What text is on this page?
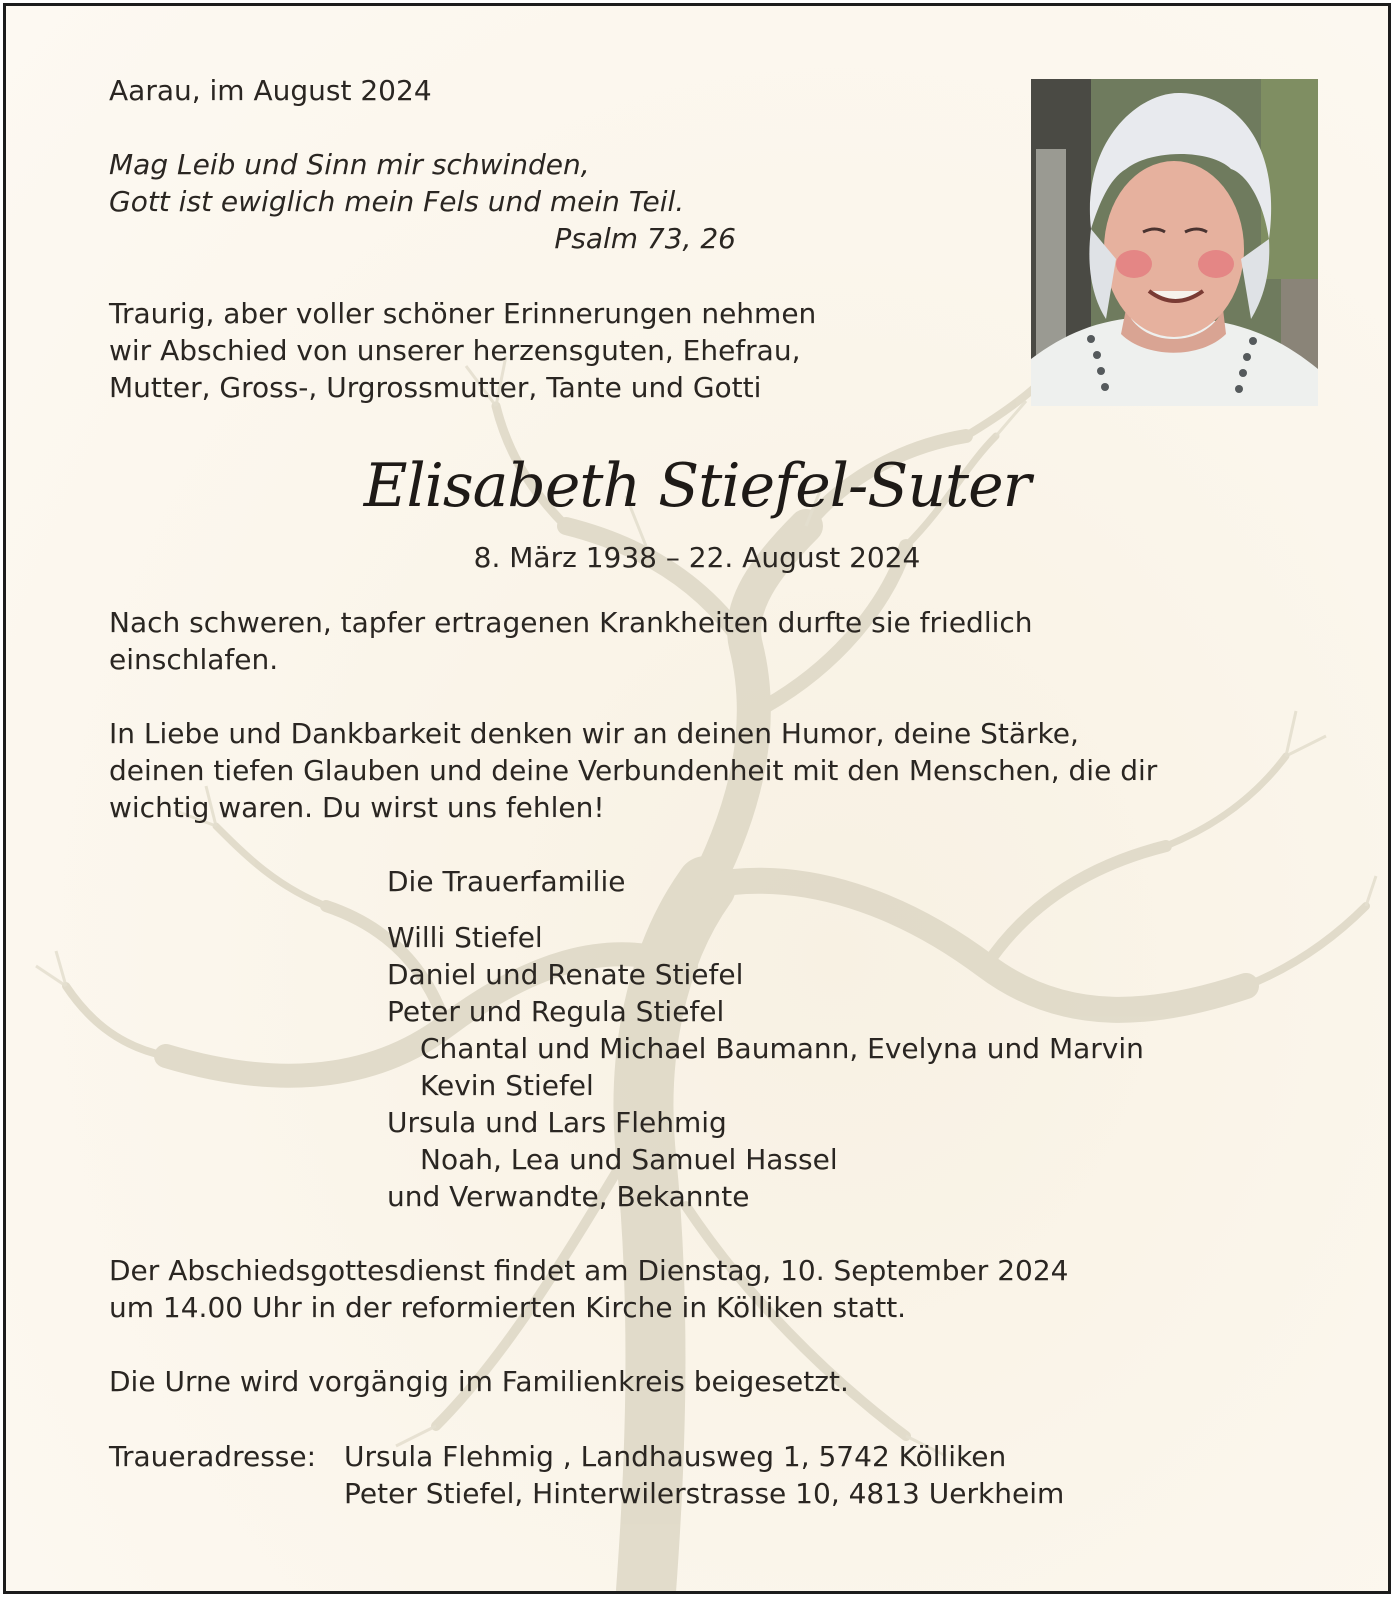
Aarau, im August 2024
Mag Leib und Sinn mir schwinden,
Gott ist ewiglich mein Fels und mein Teil.
Psalm 73, 26
Traurig, aber voller schöner Erinnerungen nehmen
wir Abschied von unserer herzensguten, Ehefrau,
Mutter, Gross-, Urgrossmutter, Tante und Gotti
Elisabeth Stiefel-Suter
8. März 1938 – 22. August 2024
Nach schweren, tapfer ertragenen Krankheiten durfte sie friedlich
einschlafen.
In Liebe und Dankbarkeit denken wir an deinen Humor, deine Stärke,
deinen tiefen Glauben und deine Verbundenheit mit den Menschen, die dir
wichtig waren. Du wirst uns fehlen!
Die Trauerfamilie
Willi Stiefel
Daniel und Renate Stiefel
Peter und Regula Stiefel
Chantal und Michael Baumann, Evelyna und Marvin
Kevin Stiefel
Ursula und Lars Flehmig
Noah, Lea und Samuel Hassel
und Verwandte, Bekannte
Der Abschiedsgottesdienst findet am Dienstag, 10. September 2024
um 14.00 Uhr in der reformierten Kirche in Kölliken statt.
Die Urne wird vorgängig im Familienkreis beigesetzt.
Traueradresse: Ursula Flehmig , Landhausweg 1, 5742 Kölliken
Peter Stiefel, Hinterwilerstrasse 10, 4813 Uerkheim
